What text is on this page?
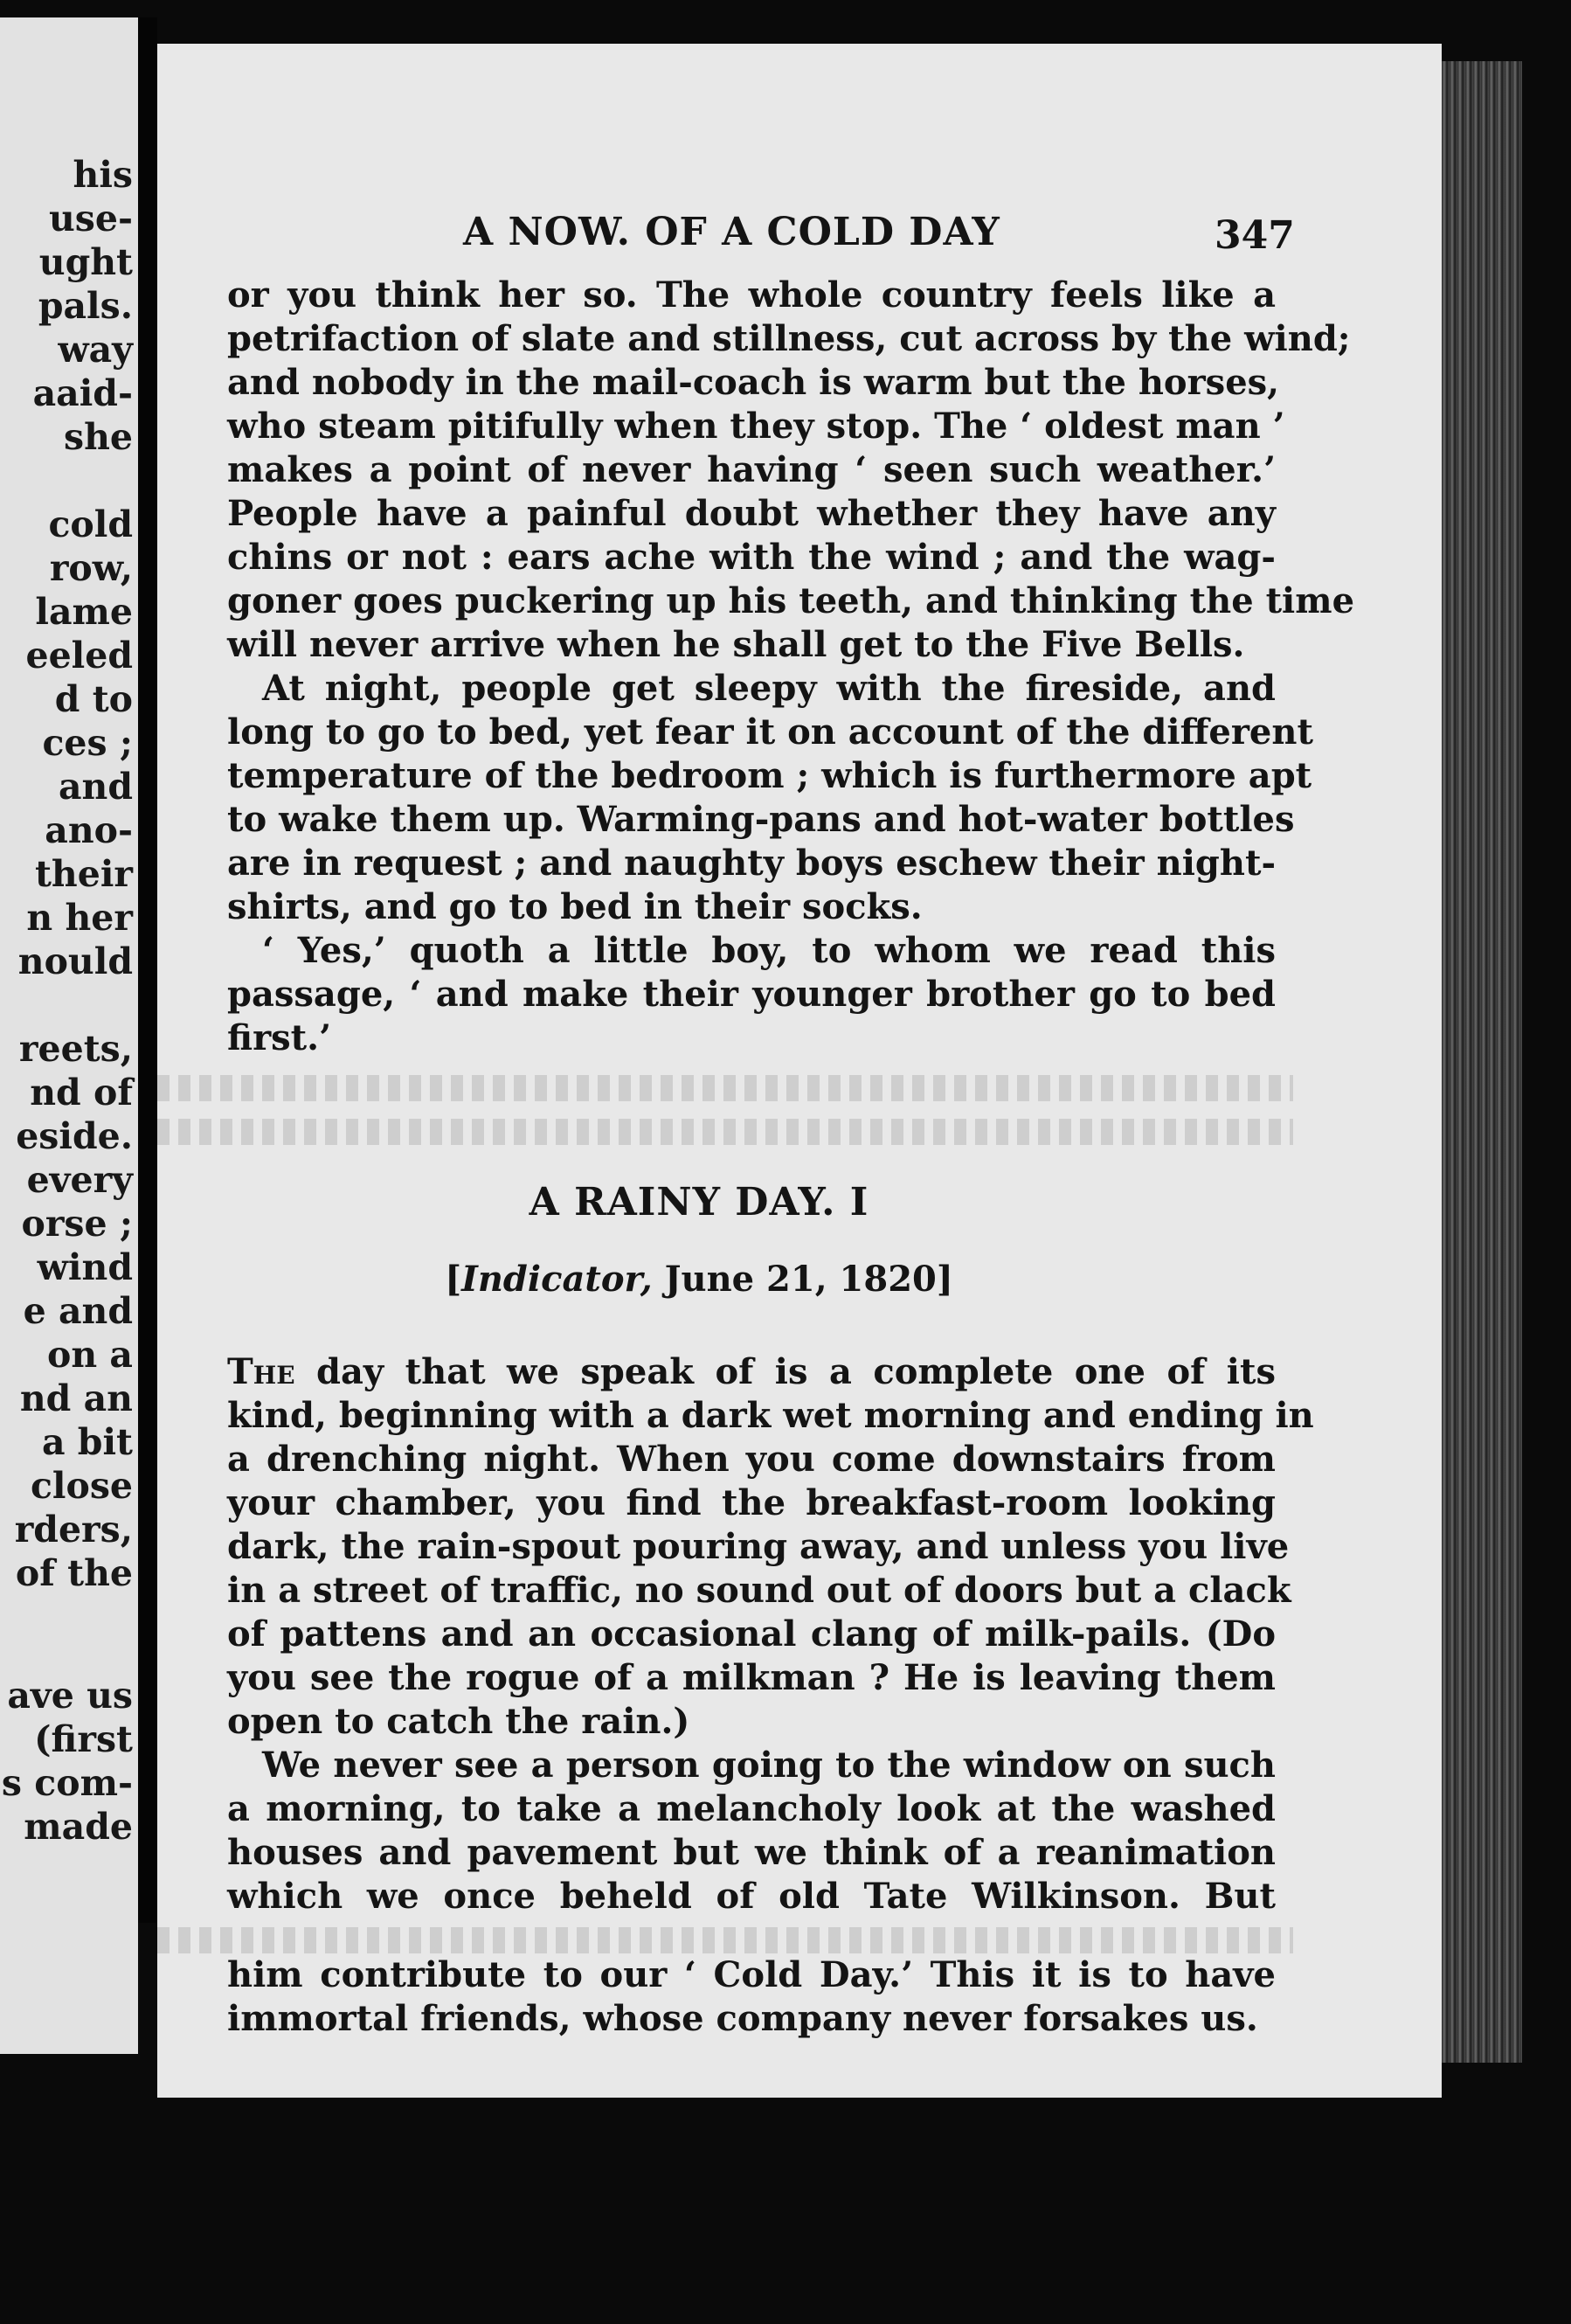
his
use-
ught
pals.
way
aaid-
she
cold
row,
lame
eeled
d to
ces ;
and
ano-
their
n her
nould
reets,
nd of
eside.
every
orse ;
wind
e and
on a
nd an
a bit
close
rders,
of the
ave us
(first
s com-
made
A NOW. OF A COLD DAY	347
or you think her so. The whole country feels like a
petrifaction of slate and stillness, cut across by the wind;
and nobody in the mail-coach is warm but the horses,
who steam pitifully when they stop. The ‘ oldest man ’
makes a point of never having ‘ seen such weather.’
People have a painful doubt whether they have any
chins or not : ears ache with the wind ; and the wag-
goner goes puckering up his teeth, and thinking the time
will never arrive when he shall get to the Five Bells.
At night, people get sleepy with the fireside, and
long to go to bed, yet fear it on account of the different
temperature of the bedroom ; which is furthermore apt
to wake them up. Warming-pans and hot-water bottles
are in request ; and naughty boys eschew their night-
shirts, and go to bed in their socks.
‘ Yes,’ quoth a little boy, to whom we read this
passage, ‘ and make their younger brother go to bed
first.’
A RAINY DAY. I
[Indicator, June 21, 1820]
The day that we speak of is a complete one of its
kind, beginning with a dark wet morning and ending in
a drenching night. When you come downstairs from
your chamber, you find the breakfast-room looking
dark, the rain-spout pouring away, and unless you live
in a street of traffic, no sound out of doors but a clack
of pattens and an occasional clang of milk-pails. (Do
you see the rogue of a milkman ? He is leaving them
open to catch the rain.)
We never see a person going to the window on such
a morning, to take a melancholy look at the washed
houses and pavement but we think of a reanimation
which we once beheld of old Tate Wilkinson. But
him contribute to our ‘ Cold Day.’ This it is to have
immortal friends, whose company never forsakes us.
